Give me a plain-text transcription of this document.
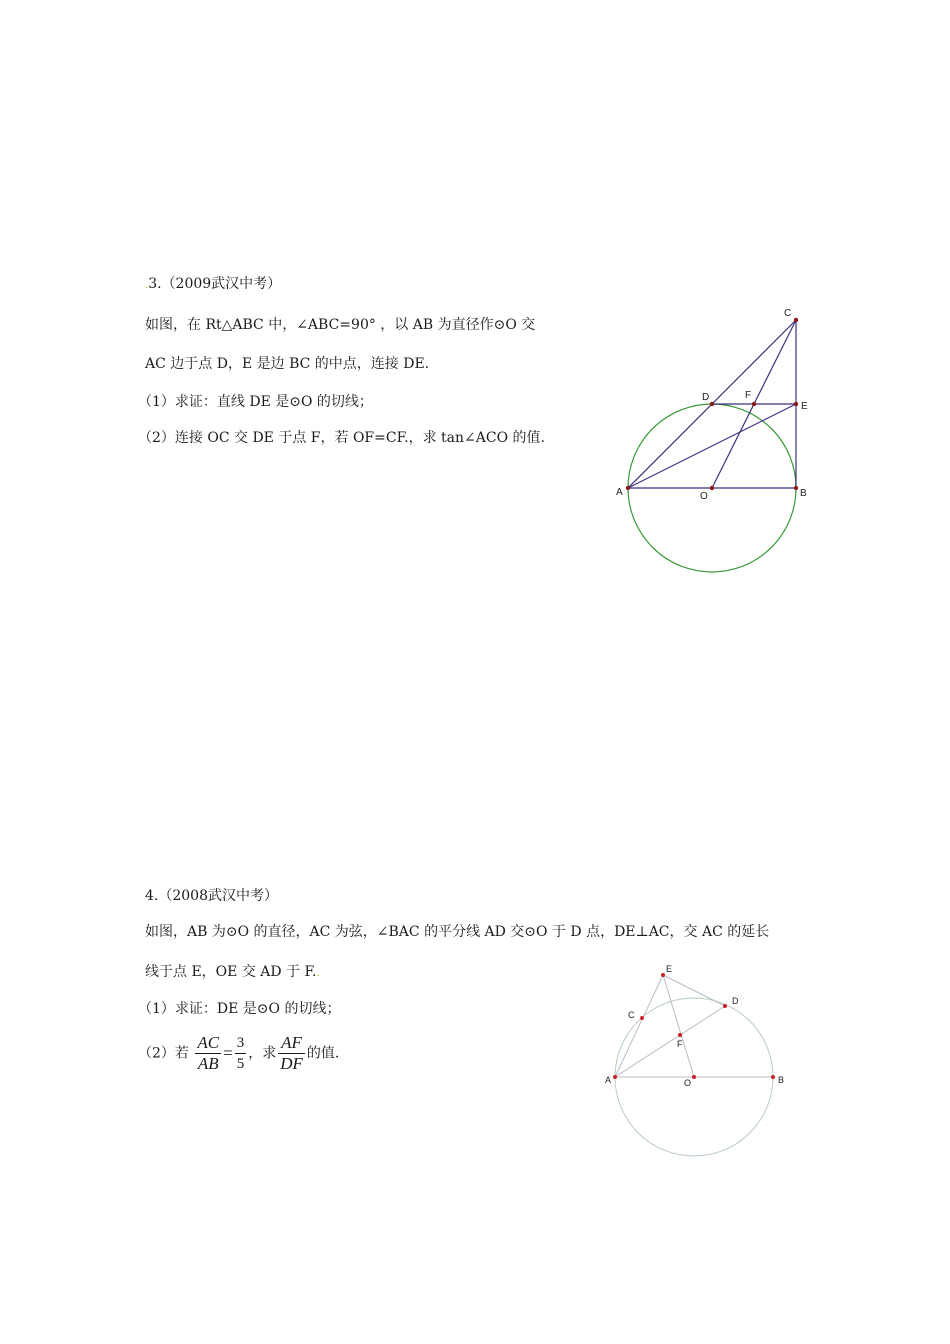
.3.（2009武汉中考）
如图，在 Rt△ABC 中，∠ABC=90° ，以 AB 为直径作⊙O 交
AC 边于点 D，E 是边 BC 的中点，连接 DE.
（1）求证：直线 DE 是⊙O 的切线；
（2）连接 OC 交 DE 于点 F，若 OF=CF.，求 tan∠ACO 的值.
C
D	F
E
A	O	B
4.（2008武汉中考）
如图，AB 为⊙O 的直径，AC 为弦，∠BAC 的平分线 AD 交⊙O 于 D 点，DE⊥AC，交 AC 的延长
线于点 E，OE 交 AD 于 F..
（1）求证：DE 是⊙O 的切线；
（2）若 $\frac{AC}{AB} = \frac{3}{5}$ ，求 $\frac{AF}{DF}$ 的值.
E
D
C
F
A	O	B
